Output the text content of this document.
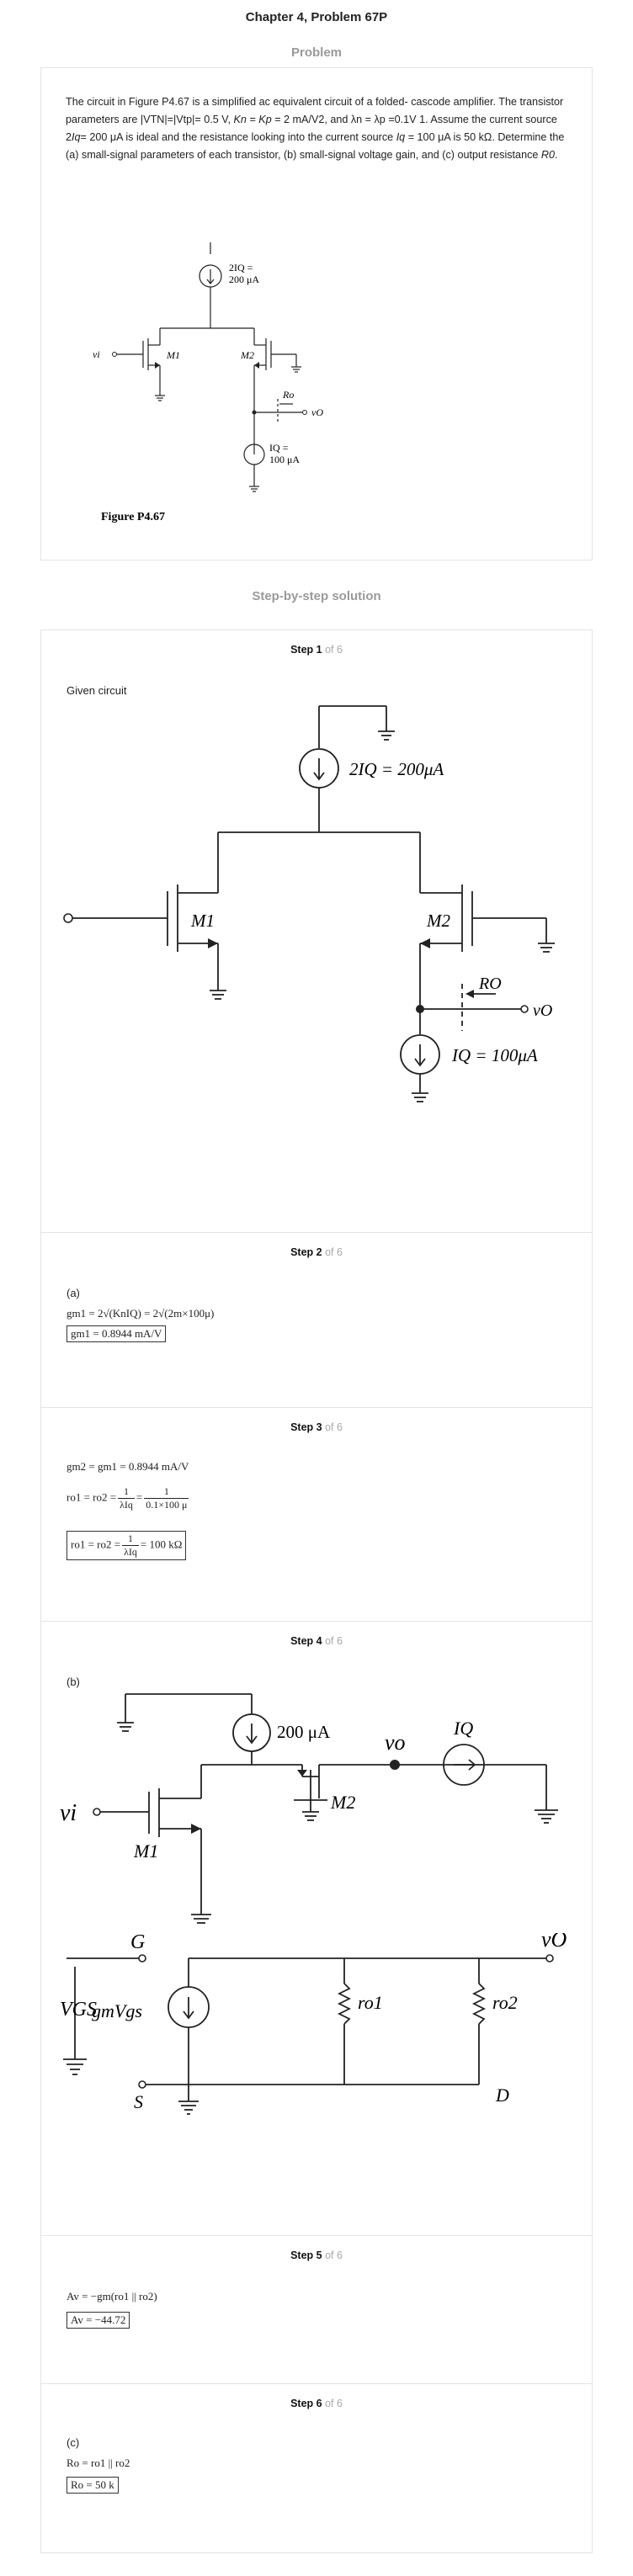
Chapter 4, Problem 67P
Problem
The circuit in Figure P4.67 is a simplified ac equivalent circuit of a folded- cascode amplifier. The transistor parameters are |VTN|=|Vtp|= 0.5 V, Kn = Kp = 2 mA/V2, and λn = λp =0.1V 1. Assume the current source 2Iq= 200 μA is ideal and the resistance looking into the current source Iq = 100 μA is 50 kΩ. Determine the (a) small-signal parameters of each transistor, (b) small-signal voltage gain, and (c) output resistance R0.
2IQ =
200 μA
vi	M1	M2
Ro
vO
IQ =
100 μA
Figure P4.67
Step-by-step solution
Step 1 of 6
Given circuit
2IQ = 200μA
M1	M2
RO
vO
IQ = 100μA
Step 2 of 6
(a)
gm1 = 2√(KnIQ) = 2√(2m×100μ)
gm1 = 0.8944 mA/V
Step 3 of 6
gm2 = gm1 = 0.8944 mA/V
$ro1 = ro2 = \frac{1}{\text{λIq}} = \frac{1}{0.1\times 100 \mu}$
$ro1 = ro2 = \frac{1}{\text{λIq}} = 100$ kΩ
Step 4 of 6
(b)
200 μA vo
IQ
vi
M1
M2
G
VGS
S
gmVgs	ro1	ro2
D
vO
Step 5 of 6
Av = −gm(ro1 || ro2)
Av = −44.72
Step 6 of 6
(c)
Ro = ro1 || ro2
Ro = 50 k
